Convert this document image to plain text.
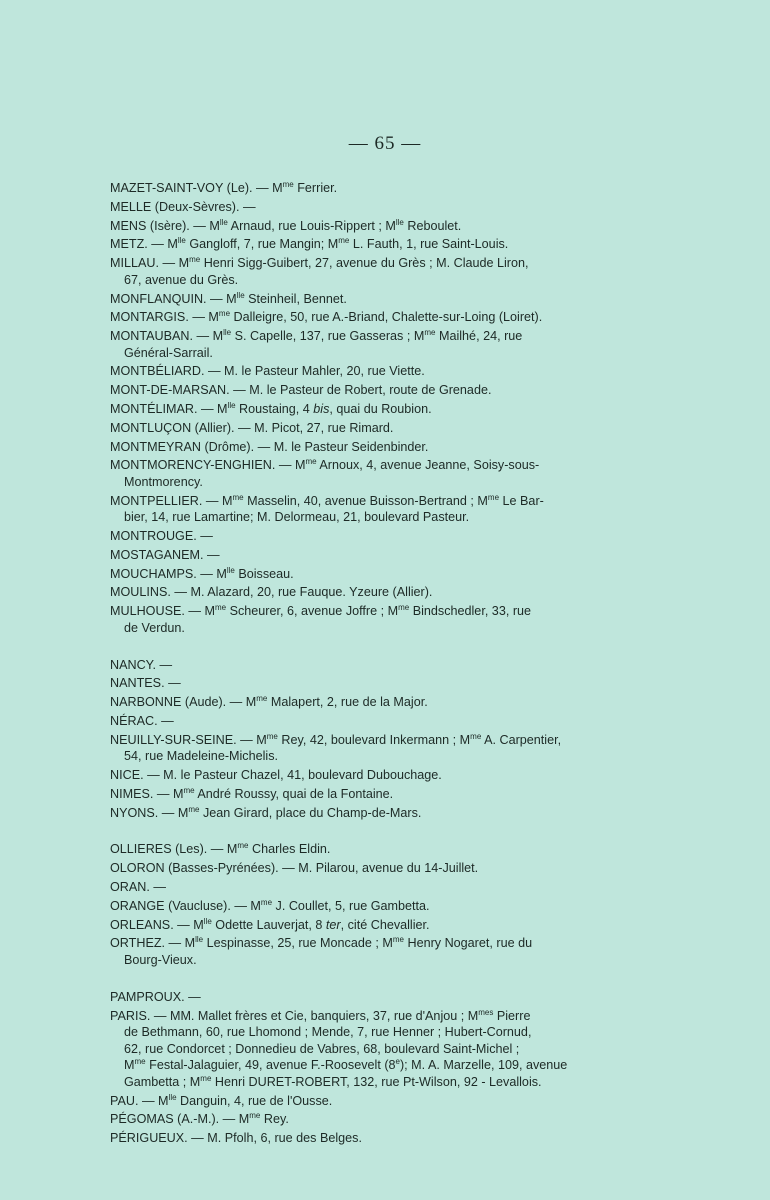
— 65 —
MAZET-SAINT-VOY (Le). — $M^{me}$ Ferrier.
MELLE (Deux-Sèvres). —
MENS (Isère). — $M^{lle}$ Arnaud, rue Louis-Rippert ; $M^{lle}$ Reboulet.
METZ. — $M^{lle}$ Gangloff, 7, rue Mangin; $M^{me}$ L. Fauth, 1, rue Saint-Louis.
MILLAU. — $M^{me}$ Henri Sigg-Guibert, 27, avenue du Grès ; M. Claude Liron,
67, avenue du Grès.
MONFLANQUIN. — $M^{lle}$ Steinheil, Bennet.
MONTARGIS. — $M^{me}$ Dalleigre, 50, rue A.-Briand, Chalette-sur-Loing (Loiret).
MONTAUBAN. — $M^{lle}$ S. Capelle, 137, rue Gasseras ; $M^{me}$ Mailhé, 24, rue
Général-Sarrail.
MONTBÉLIARD. — M. le Pasteur Mahler, 20, rue Viette.
MONT-DE-MARSAN. — M. le Pasteur de Robert, route de Grenade.
MONTÉLIMAR. — $M^{lle}$ Roustaing, 4 bis, quai du Roubion.
MONTLUÇON (Allier). — M. Picot, 27, rue Rimard.
MONTMEYRAN (Drôme). — M. le Pasteur Seidenbinder.
MONTMORENCY-ENGHIEN. — $M^{me}$ Arnoux, 4, avenue Jeanne, Soisy-sous-
Montmorency.
MONTPELLIER. — $M^{me}$ Masselin, 40, avenue Buisson-Bertrand ; $M^{me}$ Le Bar-
bier, 14, rue Lamartine; M. Delormeau, 21, boulevard Pasteur.
MONTROUGE. —
MOSTAGANEM. —
MOUCHAMPS. — $M^{lle}$ Boisseau.
MOULINS. — M. Alazard, 20, rue Fauque. Yzeure (Allier).
MULHOUSE. — $M^{me}$ Scheurer, 6, avenue Joffre ; $M^{me}$ Bindschedler, 33, rue
de Verdun.
NANCY. —
NANTES. —
NARBONNE (Aude). — $M^{me}$ Malapert, 2, rue de la Major.
NÉRAC. —
NEUILLY-SUR-SEINE. — $M^{me}$ Rey, 42, boulevard Inkermann ; $M^{me}$ A. Carpentier,
54, rue Madeleine-Michelis.
NICE. — M. le Pasteur Chazel, 41, boulevard Dubouchage.
NIMES. — $M^{me}$ André Roussy, quai de la Fontaine.
NYONS. — $M^{me}$ Jean Girard, place du Champ-de-Mars.
OLLIERES (Les). — $M^{me}$ Charles Eldin.
OLORON (Basses-Pyrénées). — M. Pilarou, avenue du 14-Juillet.
ORAN. —
ORANGE (Vaucluse). — $M^{me}$ J. Coullet, 5, rue Gambetta.
ORLEANS. — $M^{lle}$ Odette Lauverjat, 8 ter, cité Chevallier.
ORTHEZ. — $M^{lle}$ Lespinasse, 25, rue Moncade ; $M^{me}$ Henry Nogaret, rue du
Bourg-Vieux.
PAMPROUX. —
PARIS. — MM. Mallet frères et Cie, banquiers, 37, rue d'Anjou ; $M^{mes}$ Pierre
de Bethmann, 60, rue Lhomond ; Mende, 7, rue Henner ; Hubert-Cornud,
62, rue Condorcet ; Donnedieu de Vabres, 68, boulevard Saint-Michel ;
$M^{me}$ Festal-Jalaguier, 49, avenue F.-Roosevelt (8e); M. A. Marzelle, 109, avenue
Gambetta ; $M^{me}$ Henri DURET-ROBERT, 132, rue Pt-Wilson, 92 - Levallois.
PAU. — $M^{lle}$ Danguin, 4, rue de l'Ousse.
PÉGOMAS (A.-M.). — $M^{me}$ Rey.
PÉRIGUEUX. — M. Pfolh, 6, rue des Belges.
